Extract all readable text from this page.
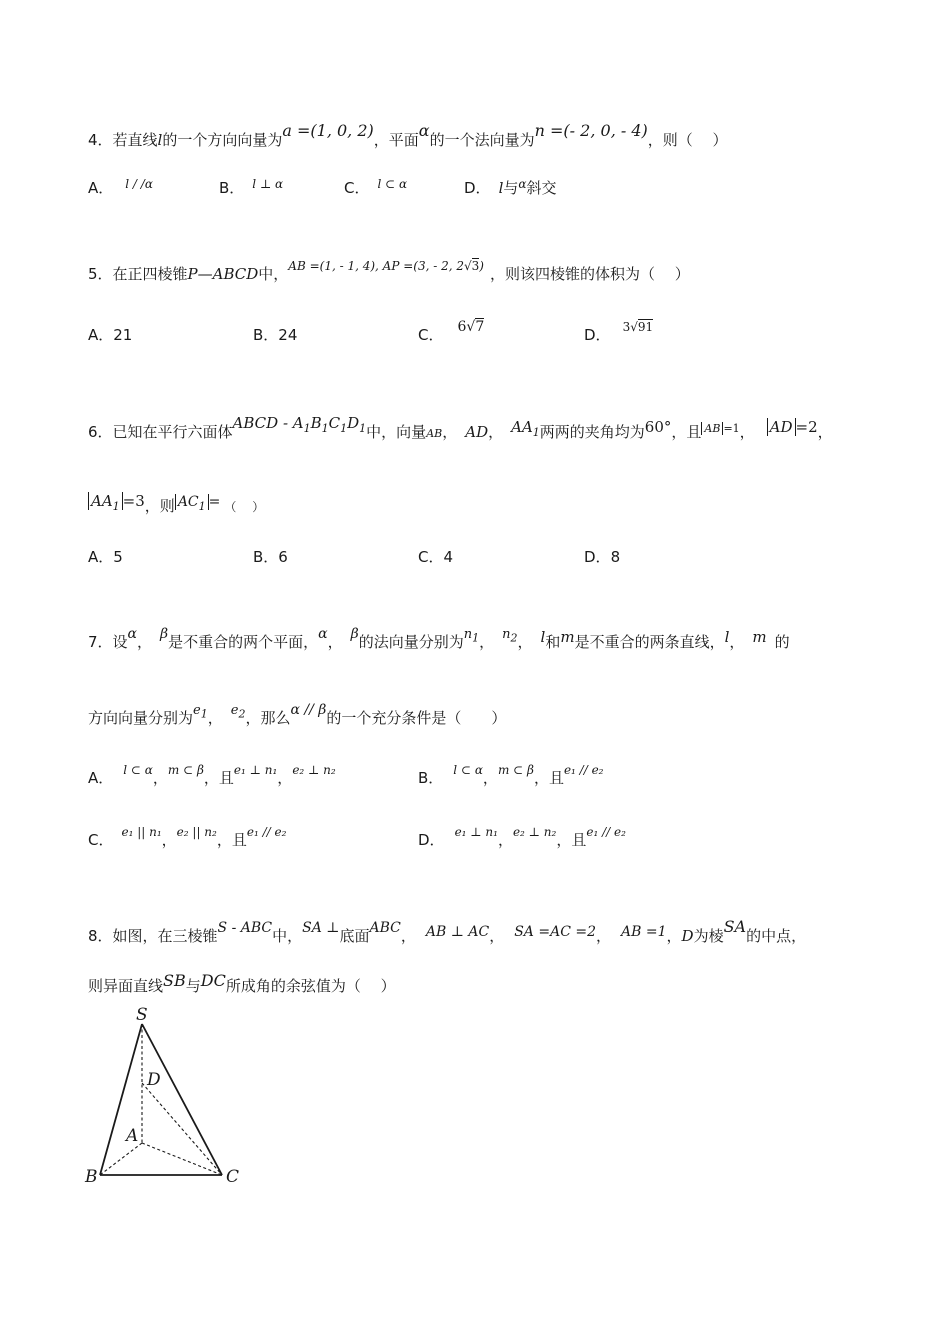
4．若直线l的一个方向向量为a =(1, 0, 2)，平面α的一个法向量为n =(- 2, 0, - 4)，则（　 ）
A． $^{l / /\alpha}$	B． $^{l \perp \alpha}$	C． $^{l \subset \alpha}$	D． l与$^\alpha$斜交
5．在正四棱锥P—ABCD中，$^{AB =(1, - 1, 4), AP =(3, - 2, 2√3)}$ ，则该四棱锥的体积为（　 ）
A．21	B．24	C． 6√7	D． $^{3√91}$
6．已知在平行六面体ABCD - $A_1B_1C_1D_1$中，向量AB， AD， $AA_1$两两的夹角均为60°，且 $^{AB =1}$， AD =2，
$AA_1 =3$，则 $AC_1$ = （　 ）
A．5	B．6	C．4	D．8
7．设α， β是不重合的两个平面，α， β的法向量分别为$n_1$， $n_2$， l和m是不重合的两条直线，l， m 的
方向向量分别为$e_1$， $e_2$，那么α // β的一个充分条件是（　　）
A． $^{l \subset \alpha}$，$^{m \subset \beta}$，且$^{e_1 \perp n_1}$，$^{e_2 \perp n_2}$	B． $^{l \subset \alpha}$，$^{m \subset \beta}$，且$^{e_1 // e_2}$
C． $^{e_1 || n_1}$，$^{e_2 || n_2}$，且$^{e_1 // e_2}$	D． $^{e_1 \perp n_1}$，$^{e_2 \perp n_2}$，且$^{e_1 // e_2}$
8．如图，在三棱锥S - ABC中，SA ⊥底面ABC， AB ⊥ AC， SA =AC =2， AB =1，D为棱SA的中点，
则异面直线SB与DC所成角的余弦值为（　 ）
S
D
A
B	C
